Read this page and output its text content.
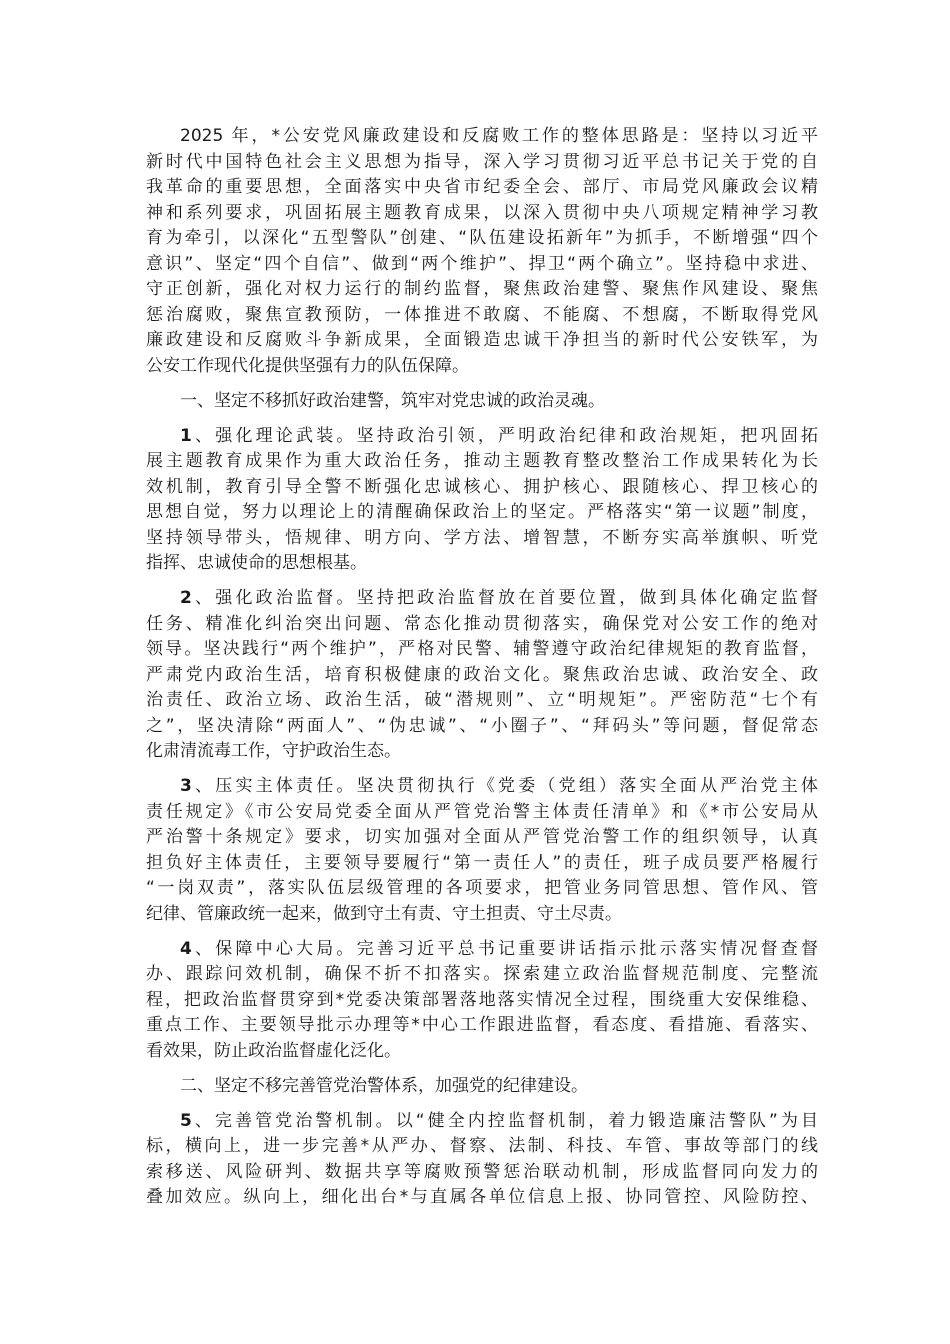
2025 年，*公安党风廉政建设和反腐败工作的整体思路是：坚持以习近平
新时代中国特色社会主义思想为指导，深入学习贯彻习近平总书记关于党的自
我革命的重要思想，全面落实中央省市纪委全会、部厅、市局党风廉政会议精
神和系列要求，巩固拓展主题教育成果，以深入贯彻中央八项规定精神学习教
育为牵引，以深化“五型警队”创建、“队伍建设拓新年”为抓手，不断增强“四个
意识”、坚定“四个自信”、做到“两个维护”、捍卫“两个确立”。坚持稳中求进、
守正创新，强化对权力运行的制约监督，聚焦政治建警、聚焦作风建设、聚焦
惩治腐败，聚焦宣教预防，一体推进不敢腐、不能腐、不想腐，不断取得党风
廉政建设和反腐败斗争新成果，全面锻造忠诚干净担当的新时代公安铁军，为
公安工作现代化提供坚强有力的队伍保障。
一、坚定不移抓好政治建警，筑牢对党忠诚的政治灵魂。
1、强化理论武装。坚持政治引领，严明政治纪律和政治规矩，把巩固拓
展主题教育成果作为重大政治任务，推动主题教育整改整治工作成果转化为长
效机制，教育引导全警不断强化忠诚核心、拥护核心、跟随核心、捍卫核心的
思想自觉，努力以理论上的清醒确保政治上的坚定。严格落实“第一议题”制度，
坚持领导带头，悟规律、明方向、学方法、增智慧，不断夯实高举旗帜、听党
指挥、忠诚使命的思想根基。
2、强化政治监督。坚持把政治监督放在首要位置，做到具体化确定监督
任务、精准化纠治突出问题、常态化推动贯彻落实，确保党对公安工作的绝对
领导。坚决践行“两个维护”，严格对民警、辅警遵守政治纪律规矩的教育监督，
严肃党内政治生活，培育积极健康的政治文化。聚焦政治忠诚、政治安全、政
治责任、政治立场、政治生活，破“潜规则”、立“明规矩”。严密防范“七个有
之”，坚决清除“两面人”、“伪忠诚”、“小圈子”、“拜码头”等问题，督促常态
化肃清流毒工作，守护政治生态。
3、压实主体责任。坚决贯彻执行《党委（党组）落实全面从严治党主体
责任规定》《市公安局党委全面从严管党治警主体责任清单》和《*市公安局从
严治警十条规定》要求，切实加强对全面从严管党治警工作的组织领导，认真
担负好主体责任，主要领导要履行“第一责任人”的责任，班子成员要严格履行
“一岗双责”，落实队伍层级管理的各项要求，把管业务同管思想、管作风、管
纪律、管廉政统一起来，做到守土有责、守土担责、守土尽责。
4、保障中心大局。完善习近平总书记重要讲话指示批示落实情况督查督
办、跟踪问效机制，确保不折不扣落实。探索建立政治监督规范制度、完整流
程，把政治监督贯穿到*党委决策部署落地落实情况全过程，围绕重大安保维稳、
重点工作、主要领导批示办理等*中心工作跟进监督，看态度、看措施、看落实、
看效果，防止政治监督虚化泛化。
二、坚定不移完善管党治警体系，加强党的纪律建设。
5、完善管党治警机制。以“健全内控监督机制，着力锻造廉洁警队”为目
标，横向上，进一步完善*从严办、督察、法制、科技、车管、事故等部门的线
索移送、风险研判、数据共享等腐败预警惩治联动机制，形成监督同向发力的
叠加效应。纵向上，细化出台*与直属各单位信息上报、协同管控、风险防控、
